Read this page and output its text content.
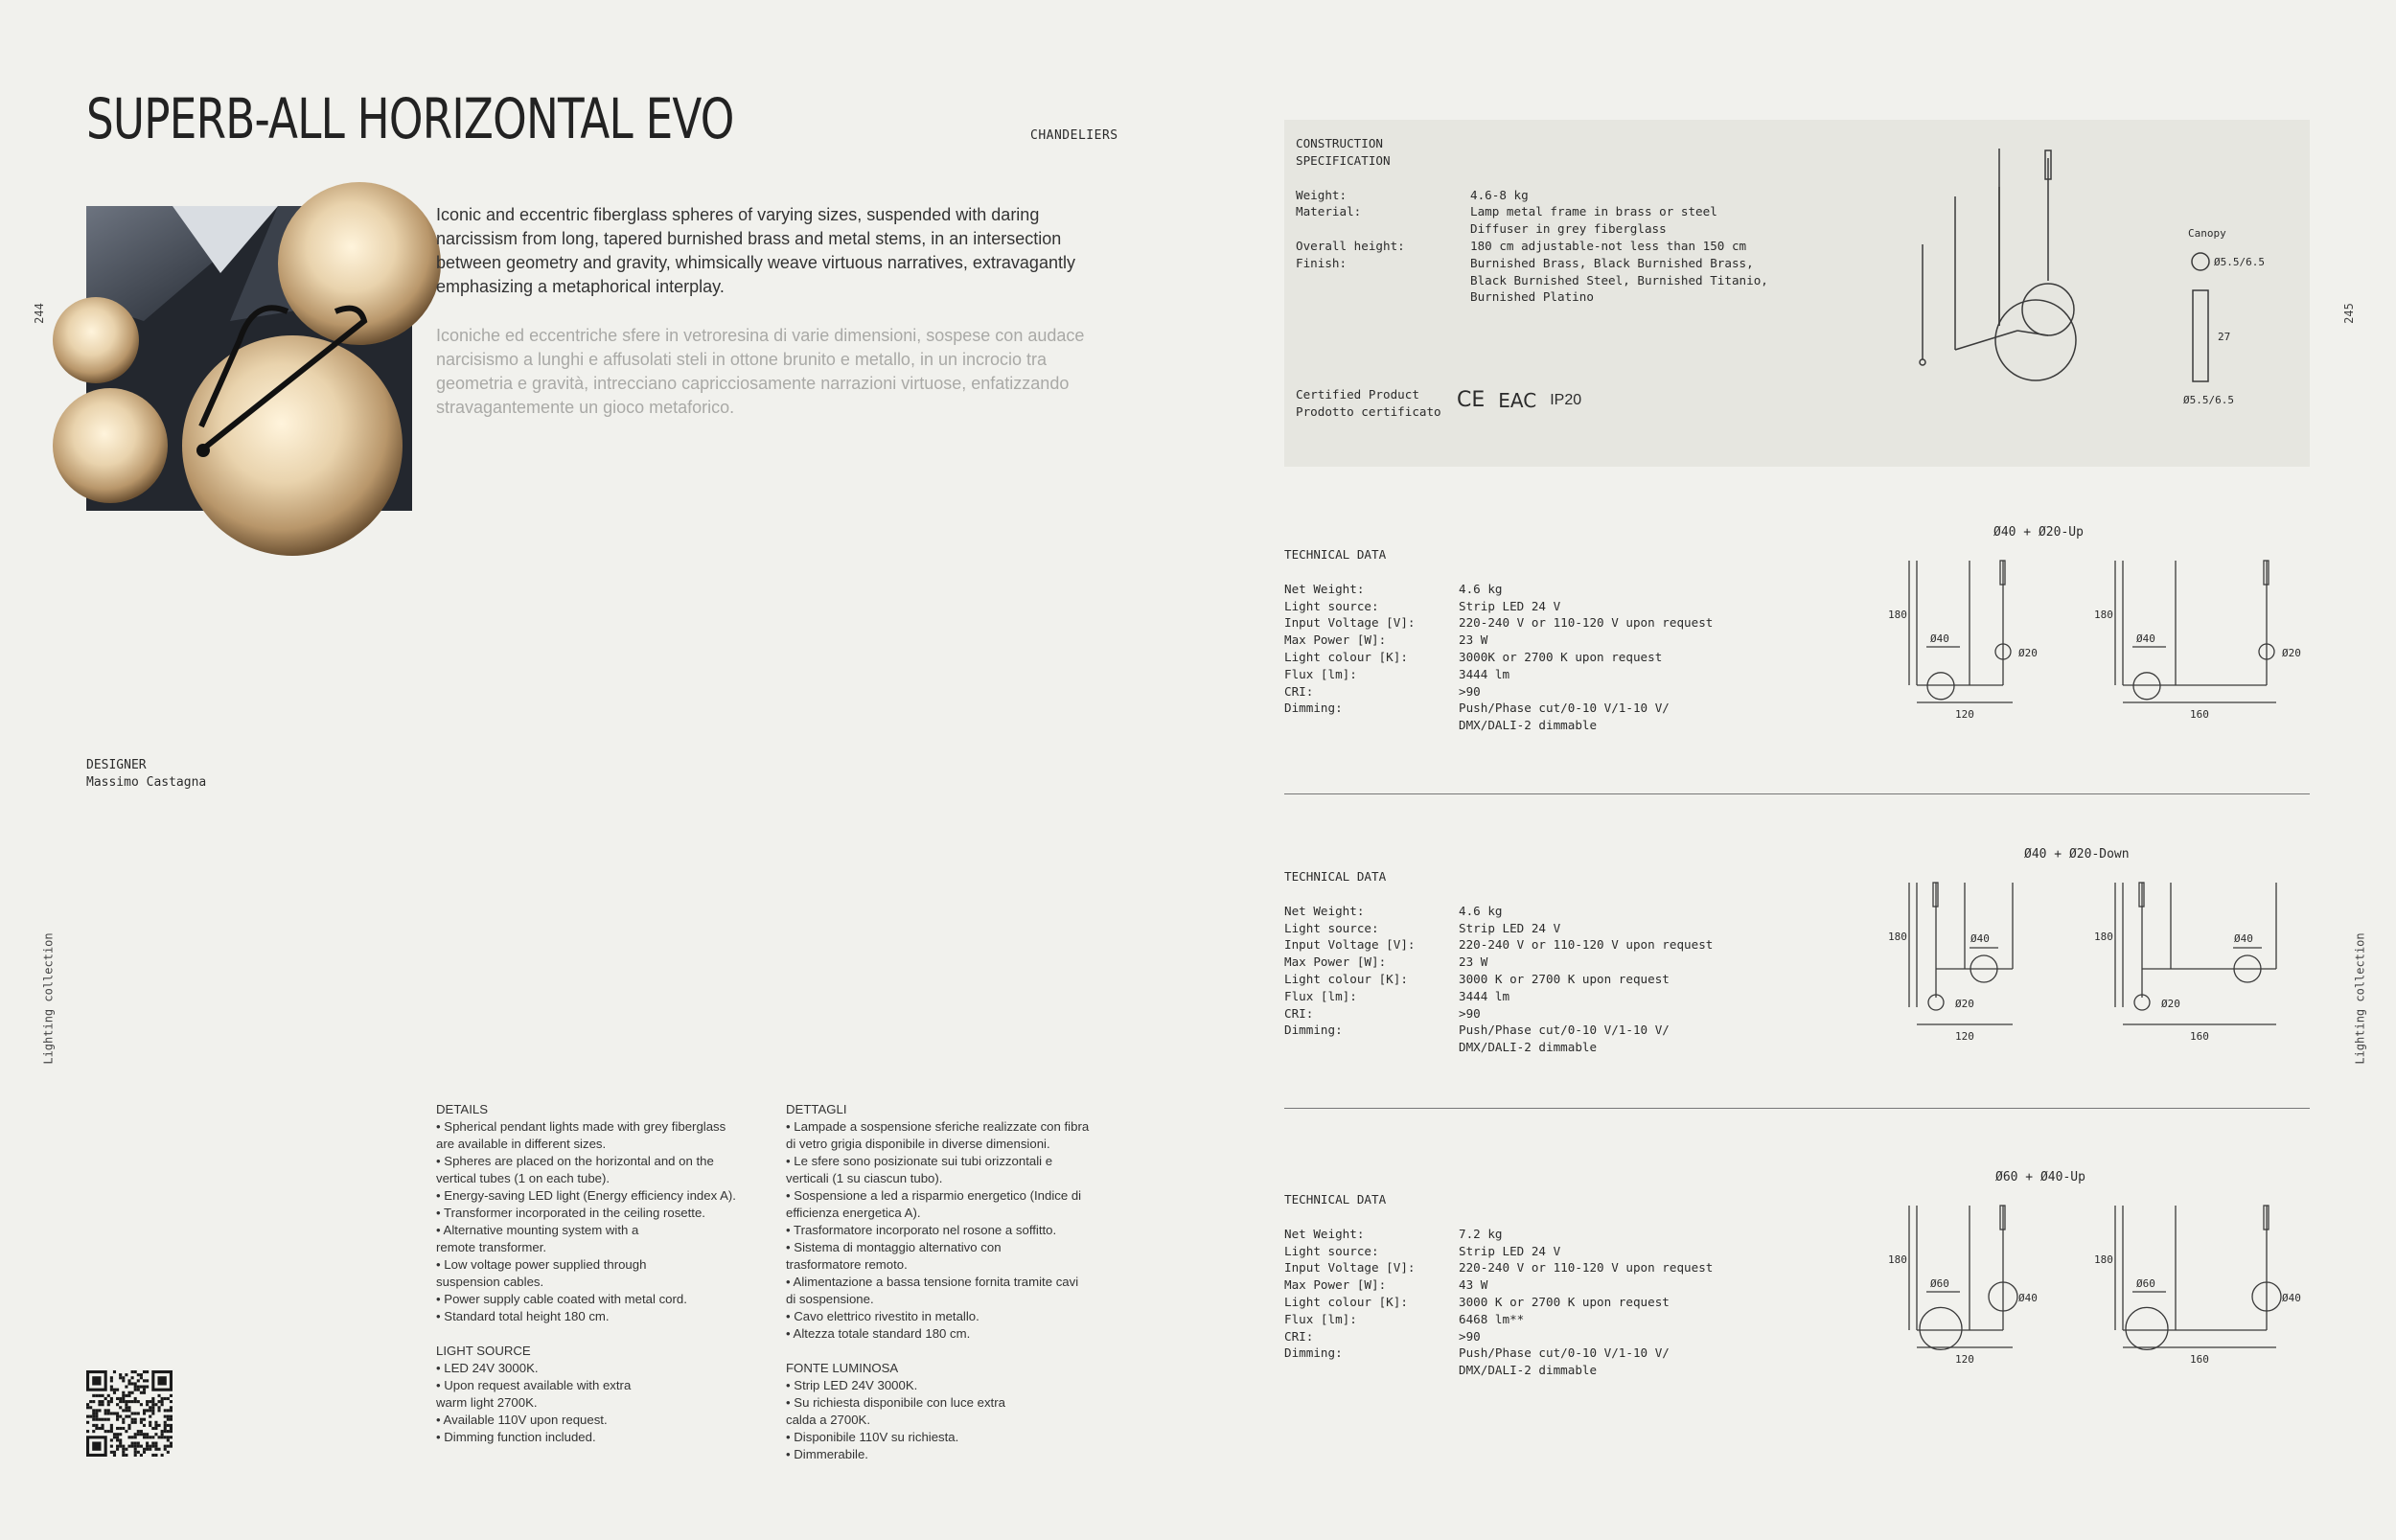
SUPERB-ALL HORIZONTAL EVO	CHANDELIERS
244	245
Lighting collection	Lighting collection

Iconic and eccentric fiberglass spheres of varying sizes, suspended with daring narcissism from long, tapered burnished brass and metal stems, in an intersection between geometry and gravity, whimsically weave virtuous narratives, extravagantly emphasizing a metaphorical interplay.

Iconiche ed eccentriche sfere in vetroresina di varie dimensioni, sospese con audace narcisismo a lunghi e affusolati steli in ottone brunito e metallo, in un incrocio tra geometria e gravità, intrecciano capricciosamente narrazioni virtuose, enfatizzando stravagantemente un gioco metaforico.

DESIGNER
Massimo Castagna

DETAILS

• Spherical pendant lights made with grey fiberglass

are available in different sizes.

• Spheres are placed on the horizontal and on the

vertical tubes (1 on each tube).

• Energy-saving LED light (Energy efficiency index A).

• Transformer incorporated in the ceiling rosette.

• Alternative mounting system with a

remote transformer.

• Low voltage power supplied through

suspension cables.

• Power supply cable coated with metal cord.

• Standard total height 180 cm.

LIGHT SOURCE

• LED 24V 3000K.

• Upon request available with extra

warm light 2700K.

• Available 110V upon request.

• Dimming function included.

DETTAGLI

• Lampade a sospensione sferiche realizzate con fibra

di vetro grigia disponibile in diverse dimensioni.

• Le sfere sono posizionate sui tubi orizzontali e

verticali (1 su ciascun tubo).

• Sospensione a led a risparmio energetico (Indice di

efficienza energetica A).

• Trasformatore incorporato nel rosone a soffitto.

• Sistema di montaggio alternativo con

trasformatore remoto.

• Alimentazione a bassa tensione fornita tramite cavi

di sospensione.

• Cavo elettrico rivestito in metallo.

• Altezza totale standard 180 cm.

FONTE LUMINOSA

• Strip LED 24V 3000K.

• Su richiesta disponibile con luce extra

calda a 2700K.

• Disponibile 110V su richiesta.

• Dimmerabile.

CONSTRUCTION
SPECIFICATION
Weight:	4.6-8 kg
Material:	Lamp metal frame in brass or steel
Diffuser in grey fiberglass
Overall height:	180 cm adjustable-not less than 150 cm
Finish:	Burnished Brass, Black Burnished Brass,
Black Burnished Steel, Burnished Titanio,
Burnished Platino
Certified Product
Prodotto certificato CE EAC IP20
Canopy
Ø5.5/6.5
27
Ø5.5/6.5
TECHNICAL DATA
Net Weight:	4.6 kg
Light source:	Strip LED 24 V
Input Voltage [V]:	220-240 V or 110-120 V upon request
Max Power [W]:	23 W
Light colour [K]:	3000K or 2700 K upon request
Flux [lm]:	3444 lm
CRI:	>90
Dimming:	Push/Phase cut/0-10 V/1-10 V/
DMX/DALI-2 dimmable
Ø40 + Ø20-Up
Ø40
Ø20
180
120
Ø40
Ø20
180
160
TECHNICAL DATA
Net Weight:	4.6 kg
Light source:	Strip LED 24 V
Input Voltage [V]:	220-240 V or 110-120 V upon request
Max Power [W]:	23 W
Light colour [K]:	3000 K or 2700 K upon request
Flux [lm]:	3444 lm
CRI:	>90
Dimming:	Push/Phase cut/0-10 V/1-10 V/
DMX/DALI-2 dimmable
Ø40 + Ø20-Down
Ø40
Ø20
180
120
Ø40
Ø20
180
160
TECHNICAL DATA
Net Weight:	7.2 kg
Light source:	Strip LED 24 V
Input Voltage [V]:	220-240 V or 110-120 V upon request
Max Power [W]:	43 W
Light colour [K]:	3000 K or 2700 K upon request
Flux [lm]:	6468 lm**
CRI:	>90
Dimming:	Push/Phase cut/0-10 V/1-10 V/
DMX/DALI-2 dimmable
Ø60 + Ø40-Up
Ø60
Ø40
180
120
Ø60
Ø40
180
160
